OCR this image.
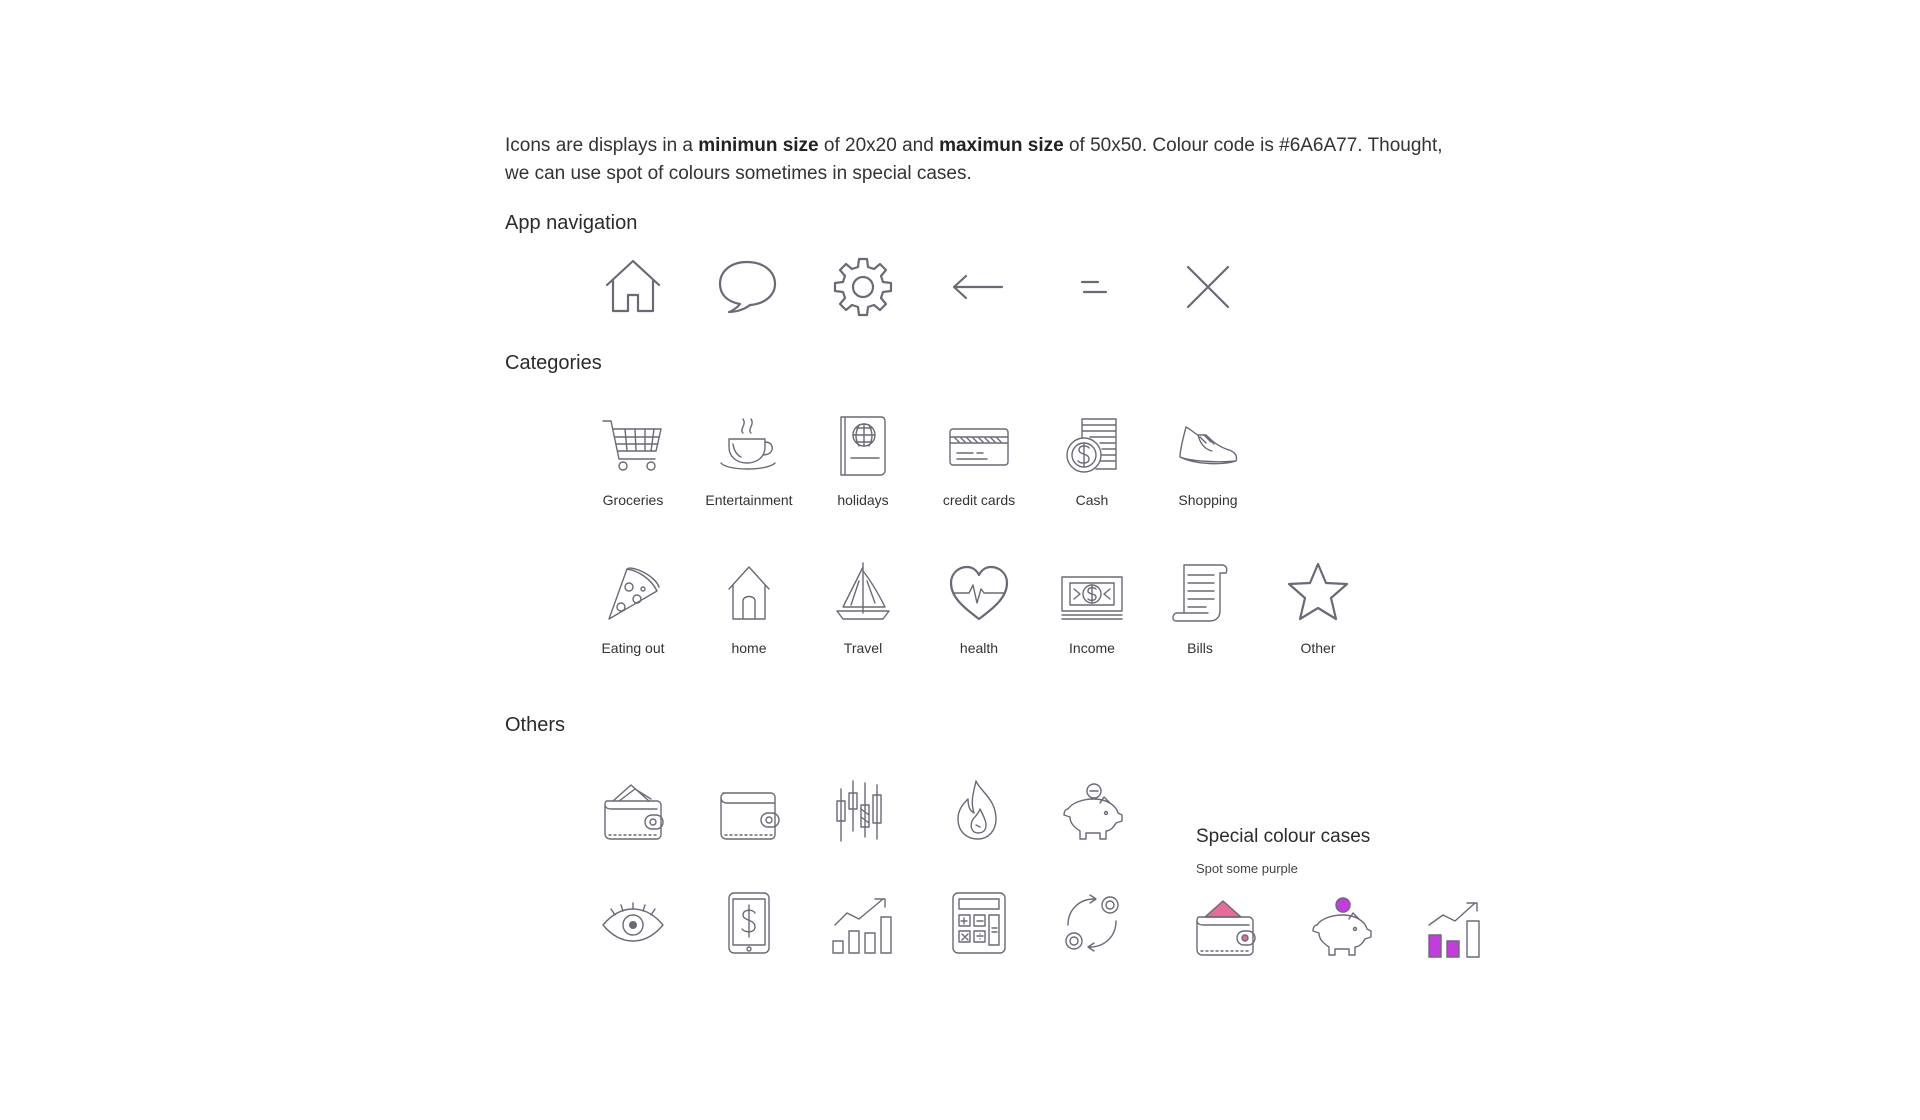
Icons are displays in a minimun size of 20x20 and maximun size of 50x50. Colour code is #6A6A77. Thought, we can use spot of colours sometimes in special cases.
App navigation
Categories
Groceries	Entertainment	holidays	credit cards	Cash	Shopping
Eating out	home	Travel	health	Income	Bills	Other
Others
Special colour cases
Spot some purple
